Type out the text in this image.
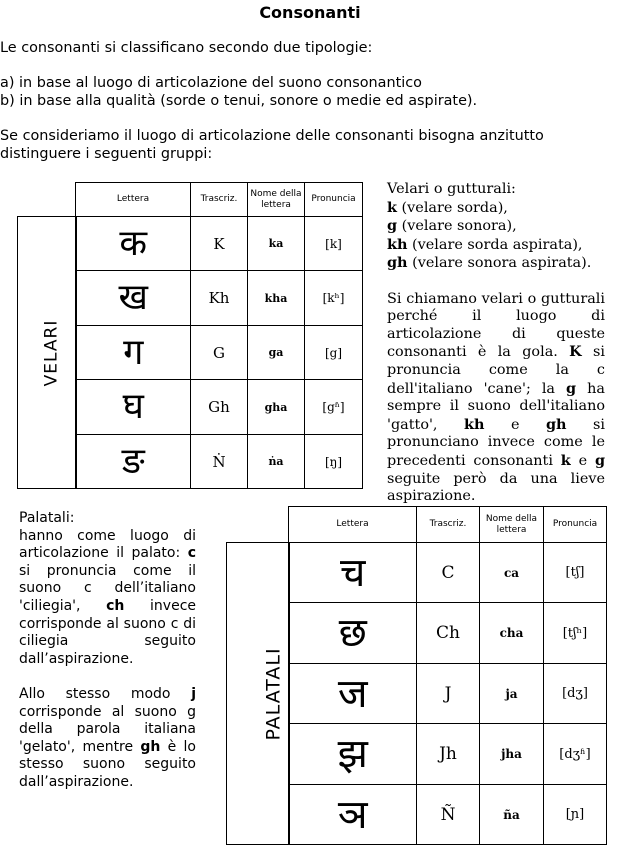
Consonanti
Le consonanti si classificano secondo due tipologie:
a) in base al luogo di articolazione del suono consonantico
b) in base alla qualità (sorde o tenui, sonore o medie ed aspirate).
Se consideriamo il luogo di articolazione delle consonanti bisogna anzitutto
distinguere i seguenti gruppi:
	Lettera	Trascriz.	Nome della lettera	Pronuncia
VELARI	क	K	ka	[k]
	ख	Kh	kha	[kʰ]
	ग	G	ga	[g]
	घ	Gh	gha	[gʱ]
	ङ	Ṅ	ṅa	[ŋ]
Velari o gutturali:
k (velare sorda),
g (velare sonora),
kh (velare sorda aspirata),
gh (velare sonora aspirata).
Si chiamano velari o gutturali perché il luogo di articolazione di queste consonanti è la gola. K si pronuncia come la c dell'italiano 'cane'; la g ha sempre il suono dell'italiano 'gatto', kh e gh si pronunciano invece come le precedenti consonanti k e g seguite però da una lieve aspirazione.
Palatali:
hanno come luogo di articolazione il palato: c si pronuncia come il suono c dell’italiano 'ciliegia', ch invece corrisponde al suono c di ciliegia seguito dall’aspirazione.
Allo stesso modo j corrisponde al suono g della parola italiana 'gelato', mentre gh è lo stesso suono seguito dall’aspirazione.
	Lettera	Trascriz.	Nome della lettera	Pronuncia
PALATALI	च	C	ca	[tʃ]
	छ	Ch	cha	[tʃʰ]
	ज	J	ja	[dʒ]
	झ	Jh	jha	[dʒʱ]
	ञ	Ñ	ña	[ɲ]
